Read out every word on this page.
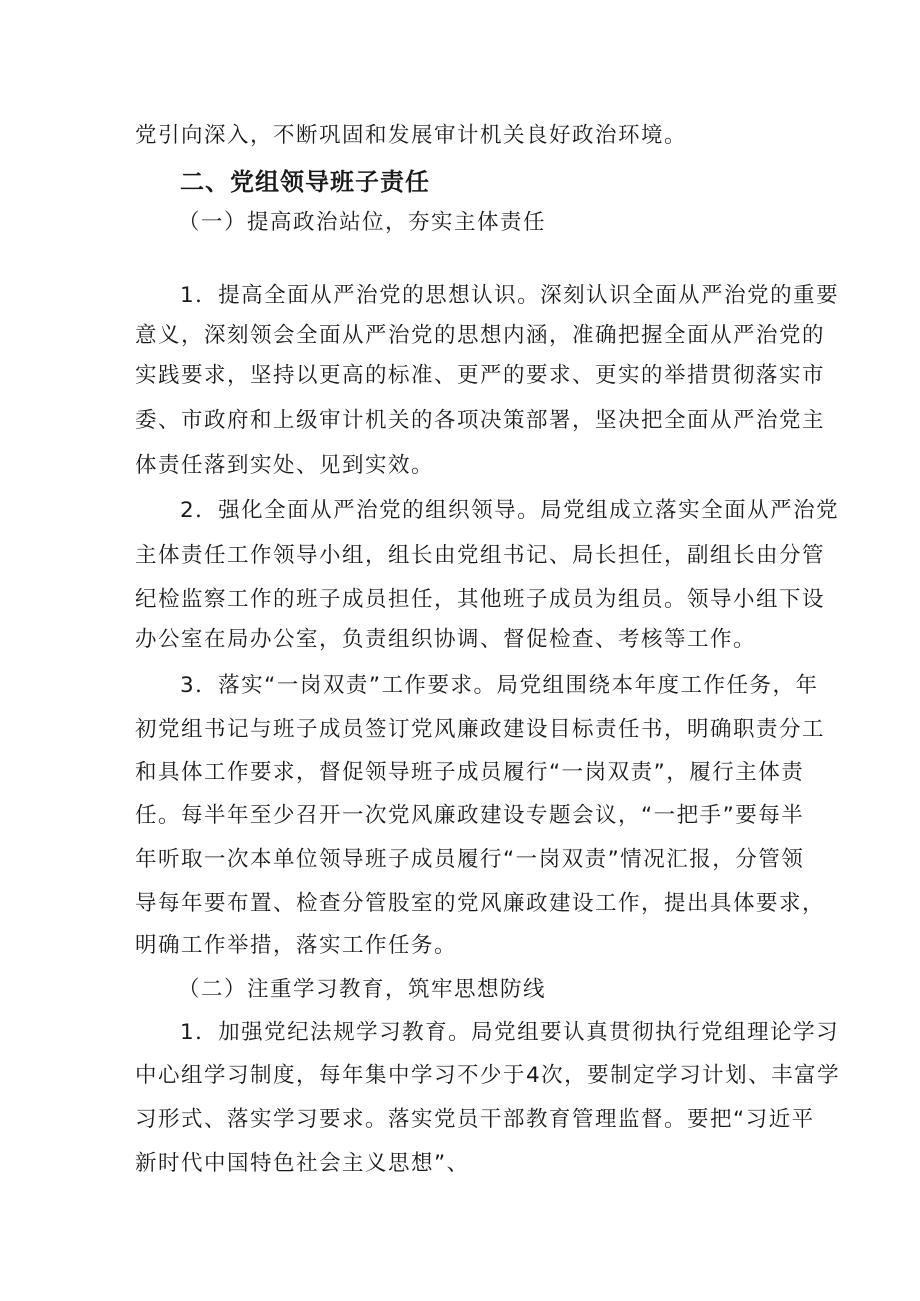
党引向深入，不断巩固和发展审计机关良好政治环境。
二、党组领导班子责任
（一）提高政治站位，夯实主体责任
1．提高全面从严治党的思想认识。深刻认识全面从严治党的重要
意义，深刻领会全面从严治党的思想内涵，准确把握全面从严治党的
实践要求，坚持以更高的标准、更严的要求、更实的举措贯彻落实市
委、市政府和上级审计机关的各项决策部署，坚决把全面从严治党主
体责任落到实处、见到实效。
2．强化全面从严治党的组织领导。局党组成立落实全面从严治党
主体责任工作领导小组，组长由党组书记、局长担任，副组长由分管
纪检监察工作的班子成员担任，其他班子成员为组员。领导小组下设
办公室在局办公室，负责组织协调、督促检查、考核等工作。
3．落实“一岗双责”工作要求。局党组围绕本年度工作任务，年
初党组书记与班子成员签订党风廉政建设目标责任书，明确职责分工
和具体工作要求，督促领导班子成员履行“一岗双责”，履行主体责
任。每半年至少召开一次党风廉政建设专题会议，“一把手”要每半
年听取一次本单位领导班子成员履行“一岗双责”情况汇报，分管领
导每年要布置、检查分管股室的党风廉政建设工作，提出具体要求，
明确工作举措，落实工作任务。
（二）注重学习教育，筑牢思想防线
1．加强党纪法规学习教育。局党组要认真贯彻执行党组理论学习
中心组学习制度，每年集中学习不少于4次，要制定学习计划、丰富学
习形式、落实学习要求。落实党员干部教育管理监督。要把“习近平
新时代中国特色社会主义思想”、
